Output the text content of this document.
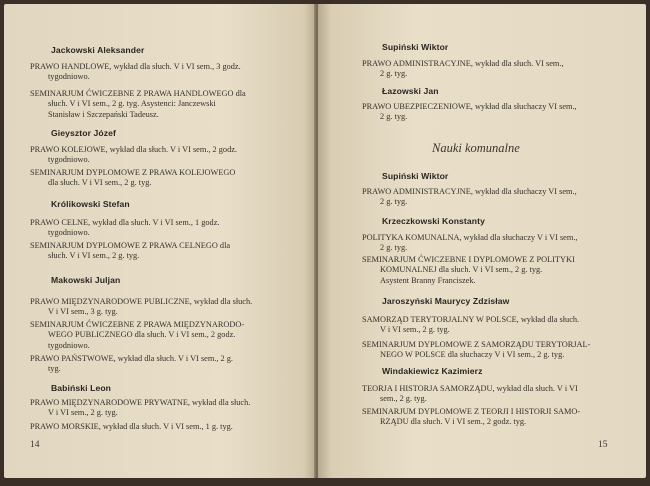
Jackowski Aleksander
PRAWO HANDLOWE, wykład dla słuch. V i VI sem., 3 godz.
tygodniowo.
SEMINARJUM ĆWICZEBNE Z PRAWA HANDLOWEGO dla
słuch. V i VI sem., 2 g. tyg. Asystenci: Janczewski
Stanisław i Szczepański Tadeusz.
Gieysztor Józef
PRAWO KOLEJOWE, wykład dla słuch. V i VI sem., 2 godz.
tygodniowo.
SEMINARJUM DYPLOMOWE Z PRAWA KOLEJOWEGO
dla słuch. V i VI sem., 2 g. tyg.
Królikowski Stefan
PRAWO CELNE, wykład dla słuch. V i VI sem., 1 godz.
tygodniowo.
SEMINARJUM DYPLOMOWE Z PRAWA CELNEGO dla
słuch. V i VI sem., 2 g. tyg.
Makowski Juljan
PRAWO MIĘDZYNARODOWE PUBLICZNE, wykład dla słuch.
V i VI sem., 3 g. tyg.
SEMINARJUM ĆWICZEBNE Z PRAWA MIĘDZYNARODO-
WEGO PUBLICZNEGO dla słuch. V i VI sem., 2 godz.
tygodniowo.
PRAWO PAŃSTWOWE, wykład dla słuch. V i VI sem., 2 g.
tyg.
Babiński Leon
PRAWO MIĘDZYNARODOWE PRYWATNE, wykład dla słuch.
V i VI sem., 2 g. tyg.
PRAWO MORSKIE, wykład dla słuch. V i VI sem., 1 g. tyg.
14
Supiński Wiktor
PRAWO ADMINISTRACYJNE, wykład dla słuch. VI sem.,
2 g. tyg.
Łazowski Jan
PRAWO UBEZPIECZENIOWE, wykład dla słuchaczy VI sem.,
2 g. tyg.
Nauki komunalne
Supiński Wiktor
PRAWO ADMINISTRACYJNE, wykład dla słuchaczy VI sem.,
2 g. tyg.
Krzeczkowski Konstanty
POLITYKA KOMUNALNA, wykład dla słuchaczy V i VI sem.,
2 g. tyg.
SEMINARJUM ĆWICZEBNE I DYPLOMOWE Z POLITYKI
KOMUNALNEJ dla słuch. V i VI sem., 2 g. tyg.
Asystent Branny Franciszek.
Jaroszyński Maurycy Zdzisław
SAMORZĄD TERYTORJALNY W POLSCE, wykład dla słuch.
V i VI sem., 2 g. tyg.
SEMINARJUM DYPLOMOWE Z SAMORZĄDU TERYTORJAL-
NEGO W POLSCE dla słuchaczy V i VI sem., 2 g. tyg.
Windakiewicz Kazimierz
TEORJA I HISTORJA SAMORZĄDU, wykład dla słuch. V i VI
sem., 2 g. tyg.
SEMINARJUM DYPLOMOWE Z TEORJI I HISTORJI SAMO-
RZĄDU dla słuch. V i VI sem., 2 godz. tyg.
15
